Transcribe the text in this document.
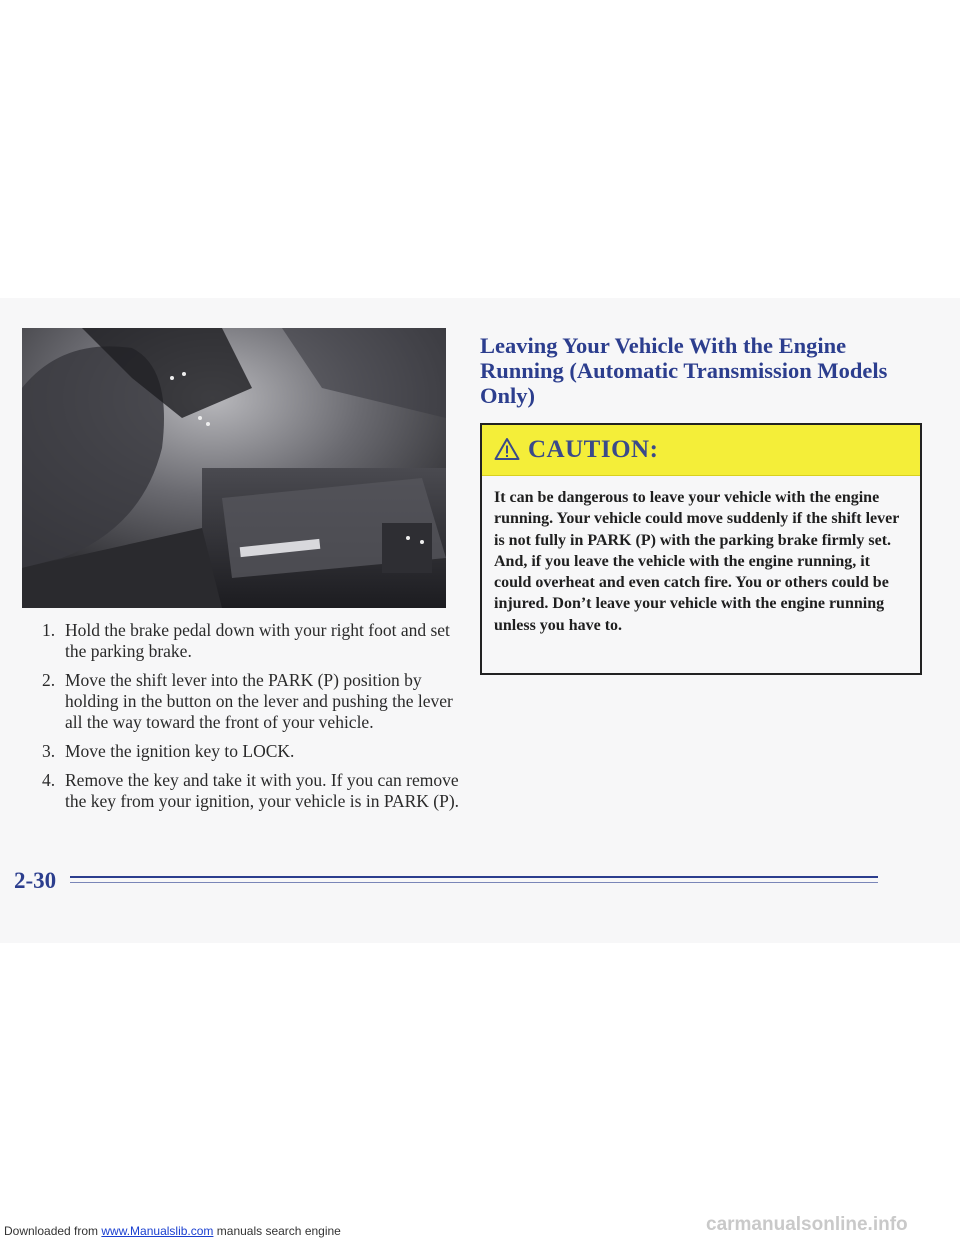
1. Hold the brake pedal down with your right foot and set the parking brake.
2. Move the shift lever into the PARK (P) position by holding in the button on the lever and pushing the lever all the way toward the front of your vehicle.
3. Move the ignition key to LOCK.
4. Remove the key and take it with you. If you can remove the key from your ignition, your vehicle is in PARK (P).
Leaving Your Vehicle With the Engine Running (Automatic Transmission Models Only)
CAUTION:

It can be dangerous to leave your vehicle with the engine running. Your vehicle could move suddenly if the shift lever is not fully in PARK (P) with the parking brake firmly set. And, if you leave the vehicle with the engine running, it could overheat and even catch fire. You or others could be injured. Don’t leave your vehicle with the engine running unless you have to.

2-30
Downloaded from www.Manualslib.com manuals search engine	carmanualsonline.info
